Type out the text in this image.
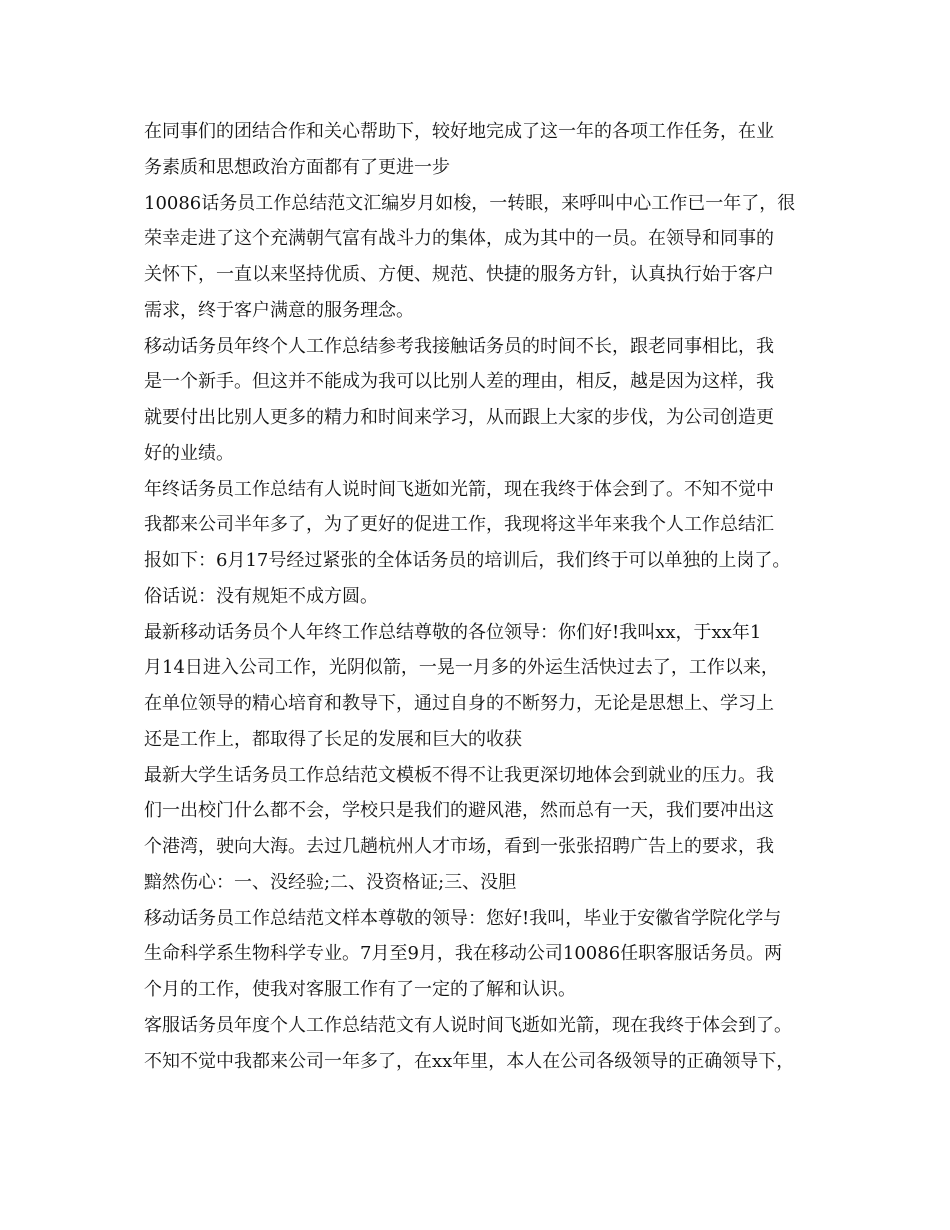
在同事们的团结合作和关心帮助下，较好地完成了这一年的各项工作任务，在业
务素质和思想政治方面都有了更进一步
10086话务员工作总结范文汇编岁月如梭，一转眼，来呼叫中心工作已一年了，很
荣幸走进了这个充满朝气富有战斗力的集体，成为其中的一员。在领导和同事的
关怀下，一直以来坚持优质、方便、规范、快捷的服务方针，认真执行始于客户
需求，终于客户满意的服务理念。
移动话务员年终个人工作总结参考我接触话务员的时间不长，跟老同事相比，我
是一个新手。但这并不能成为我可以比别人差的理由，相反，越是因为这样，我
就要付出比别人更多的精力和时间来学习，从而跟上大家的步伐，为公司创造更
好的业绩。
年终话务员工作总结有人说时间飞逝如光箭，现在我终于体会到了。不知不觉中
我都来公司半年多了，为了更好的促进工作，我现将这半年来我个人工作总结汇
报如下：6月17号经过紧张的全体话务员的培训后，我们终于可以单独的上岗了。
俗话说：没有规矩不成方圆。
最新移动话务员个人年终工作总结尊敬的各位领导：你们好!我叫xx，于xx年1
月14日进入公司工作，光阴似箭，一晃一月多的外运生活快过去了，工作以来，
在单位领导的精心培育和教导下，通过自身的不断努力，无论是思想上、学习上
还是工作上，都取得了长足的发展和巨大的收获
最新大学生话务员工作总结范文模板不得不让我更深切地体会到就业的压力。我
们一出校门什么都不会，学校只是我们的避风港，然而总有一天，我们要冲出这
个港湾，驶向大海。去过几趟杭州人才市场，看到一张张招聘广告上的要求，我
黯然伤心：一、没经验;二、没资格证;三、没胆
移动话务员工作总结范文样本尊敬的领导：您好!我叫，毕业于安徽省学院化学与
生命科学系生物科学专业。7月至9月，我在移动公司10086任职客服话务员。两
个月的工作，使我对客服工作有了一定的了解和认识。
客服话务员年度个人工作总结范文有人说时间飞逝如光箭，现在我终于体会到了。
不知不觉中我都来公司一年多了，在xx年里，本人在公司各级领导的正确领导下，
